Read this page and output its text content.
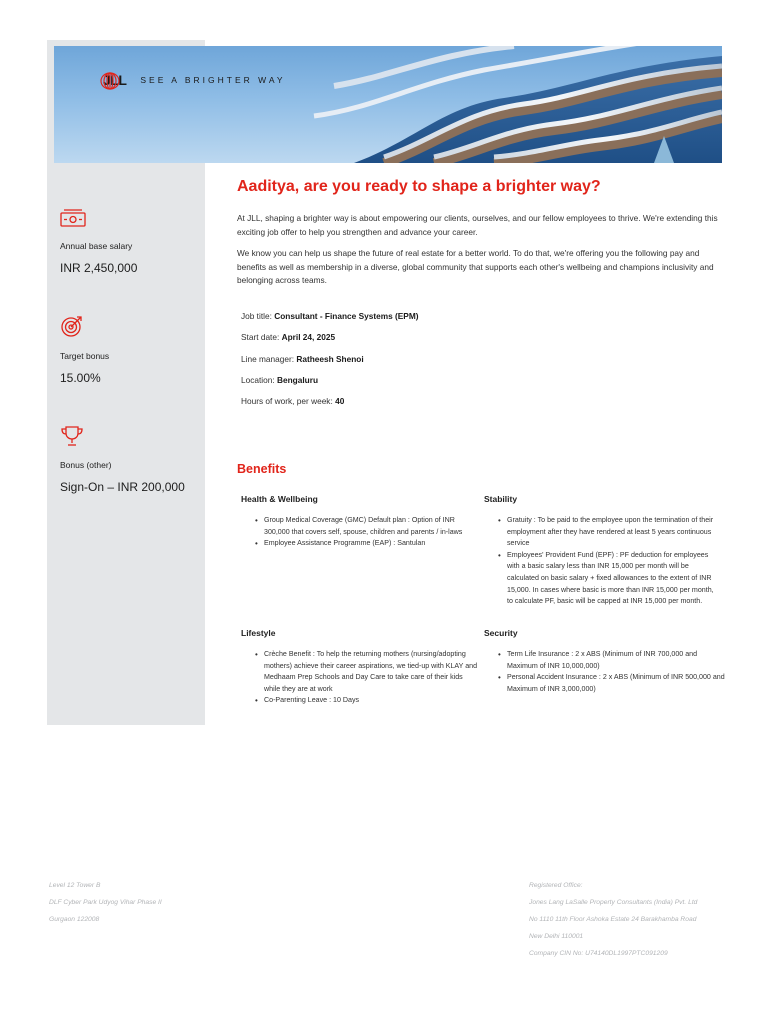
JLL SEE A BRIGHTER WAY
Annual base salary
INR 2,450,000
Target bonus
15.00%
Bonus (other)
Sign-On – INR 200,000
Aaditya, are you ready to shape a brighter way?

At JLL, shaping a brighter way is about empowering our clients, ourselves, and our fellow employees to thrive. We're extending this exciting job offer to help you strengthen and advance your career.

We know you can help us shape the future of real estate for a better world. To do that, we're offering you the following pay and benefits as well as membership in a diverse, global community that supports each other's wellbeing and champions inclusivity and belonging across teams.

Job title: Consultant - Finance Systems (EPM)
Start date: April 24, 2025
Line manager: Ratheesh Shenoi
Location: Bengaluru
Hours of work, per week: 40
Benefits
Health & Wellbeing
• Group Medical Coverage (GMC) Default plan : Option of INR 300,000 that covers self, spouse, children and parents / in-laws
• Employee Assistance Programme (EAP) : Santulan
Stability
• Gratuity : To be paid to the employee upon the termination of their employment after they have rendered at least 5 years continuous service
• Employees' Provident Fund (EPF) : PF deduction for employees with a basic salary less than INR 15,000 per month will be calculated on basic salary + fixed allowances to the extent of INR 15,000. In cases where basic is more than INR 15,000 per month, to calculate PF, basic will be capped at INR 15,000 per month.
Lifestyle
• Crèche Benefit : To help the returning mothers (nursing/adopting mothers) achieve their career aspirations, we tied-up with KLAY and Medhaam Prep Schools and Day Care to take care of their kids while they are at work
• Co-Parenting Leave : 10 Days
Security
• Term Life Insurance : 2 x ABS (Minimum of INR 700,000 and Maximum of INR 10,000,000)
• Personal Accident Insurance : 2 x ABS (Minimum of INR 500,000 and Maximum of INR 3,000,000)
Level 12 Tower B
DLF Cyber Park Udyog Vihar Phase II
Gurgaon 122008
Registered Office:
Jones Lang LaSalle Property Consultants (India) Pvt. Ltd
No 1110 11th Floor Ashoka Estate 24 Barakhamba Road
New Delhi 110001
Company CIN No: U74140DL1997PTC091209
